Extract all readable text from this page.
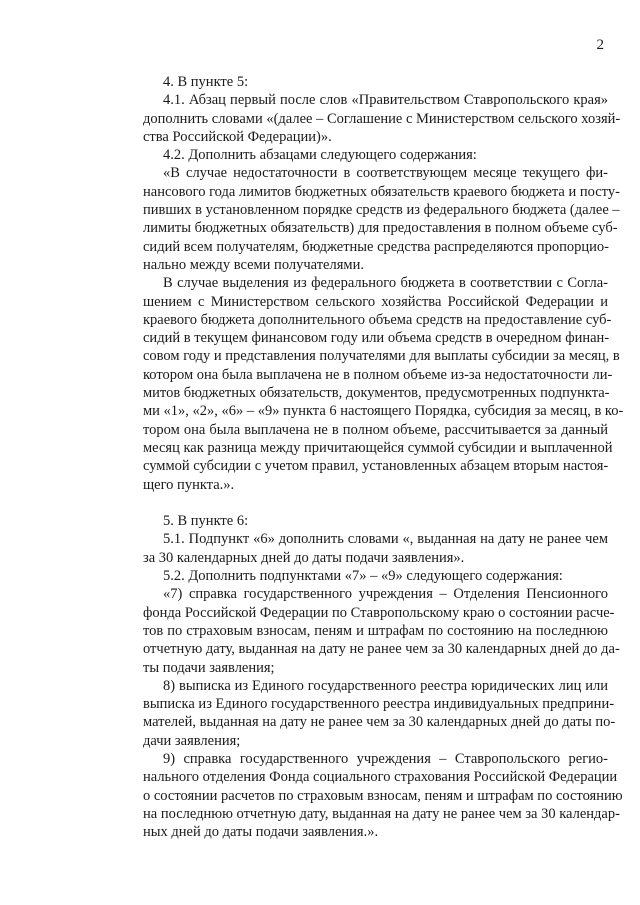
2
4. В пункте 5:
4.1. Абзац первый после слов «Правительством Ставропольского края»
дополнить словами «(далее – Соглашение с Министерством сельского хозяй-
ства Российской Федерации)».
4.2. Дополнить абзацами следующего содержания:
«В случае недостаточности в соответствующем месяце текущего фи-
нансового года лимитов бюджетных обязательств краевого бюджета и посту-
пивших в установленном порядке средств из федерального бюджета (далее –
лимиты бюджетных обязательств) для предоставления в полном объеме суб-
сидий всем получателям, бюджетные средства распределяются пропорцио-
нально между всеми получателями.
В случае выделения из федерального бюджета в соответствии с Согла-
шением с Министерством сельского хозяйства Российской Федерации и
краевого бюджета дополнительного объема средств на предоставление суб-
сидий в текущем финансовом году или объема средств в очередном финан-
совом году и представления получателями для выплаты субсидии за месяц, в
котором она была выплачена не в полном объеме из-за недостаточности ли-
митов бюджетных обязательств, документов, предусмотренных подпункта-
ми «1», «2», «6» – «9» пункта 6 настоящего Порядка, субсидия за месяц, в ко-
тором она была выплачена не в полном объеме, рассчитывается за данный
месяц как разница между причитающейся суммой субсидии и выплаченной
суммой субсидии с учетом правил, установленных абзацем вторым настоя-
щего пункта.».
5. В пункте 6:
5.1. Подпункт «6» дополнить словами «, выданная на дату не ранее чем
за 30 календарных дней до даты подачи заявления».
5.2. Дополнить подпунктами «7» – «9» следующего содержания:
«7) справка государственного учреждения – Отделения Пенсионного
фонда Российской Федерации по Ставропольскому краю о состоянии расче-
тов по страховым взносам, пеням и штрафам по состоянию на последнюю
отчетную дату, выданная на дату не ранее чем за 30 календарных дней до да-
ты подачи заявления;
8) выписка из Единого государственного реестра юридических лиц или
выписка из Единого государственного реестра индивидуальных предприни-
мателей, выданная на дату не ранее чем за 30 календарных дней до даты по-
дачи заявления;
9) справка государственного учреждения – Ставропольского регио-
нального отделения Фонда социального страхования Российской Федерации
о состоянии расчетов по страховым взносам, пеням и штрафам по состоянию
на последнюю отчетную дату, выданная на дату не ранее чем за 30 календар-
ных дней до даты подачи заявления.».
